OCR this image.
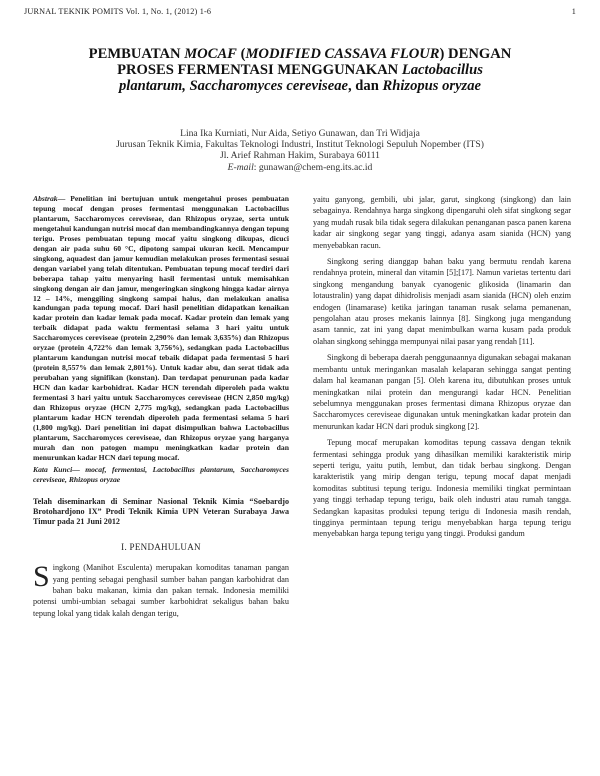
JURNAL TEKNIK POMITS Vol. 1, No. 1, (2012) 1-6	1
PEMBUATAN MOCAF (MODIFIED CASSAVA FLOUR) DENGAN
PROSES FERMENTASI MENGGUNAKAN Lactobacillus
plantarum, Saccharomyces cereviseae, dan Rhizopus oryzae
Lina Ika Kurniati, Nur Aida, Setiyo Gunawan, dan Tri Widjaja
Jurusan Teknik Kimia, Fakultas Teknologi Industri, Institut Teknologi Sepuluh Nopember (ITS)
Jl. Arief Rahman Hakim, Surabaya 60111
E-mail: gunawan@chem-eng.its.ac.id
Abstrak— Penelitian ini bertujuan untuk mengetahui proses pembuatan tepung mocaf dengan proses fermentasi menggunakan Lactobacillus plantarum, Saccharomyces cereviseae, dan Rhizopus oryzae, serta untuk mengetahui kandungan nutrisi mocaf dan membandingkannya dengan tepung terigu. Proses pembuatan tepung mocaf yaitu singkong dikupas, dicuci dengan air pada suhu 60 °C, dipotong sampai ukuran kecil. Mencampur singkong, aquadest dan jamur kemudian melakukan proses fermentasi sesuai dengan variabel yang telah ditentukan. Pembuatan tepung mocaf terdiri dari beberapa tahap yaitu menyaring hasil fermentasi untuk memisahkan singkong dengan air dan jamur, mengeringkan singkong hingga kadar airnya 12 – 14%, menggiling singkong sampai halus, dan melakukan analisa kandungan pada tepung mocaf. Dari hasil penelitian didapatkan kenaikan kadar protein dan kadar lemak pada mocaf. Kadar protein dan lemak yang terbaik didapat pada waktu fermentasi selama 3 hari yaitu untuk Saccharomyces cereviseae (protein 2,290% dan lemak 3,635%) dan Rhizopus oryzae (protein 4,722% dan lemak 3,756%), sedangkan pada Lactobacillus plantarum kandungan nutrisi mocaf tebaik didapat pada fermentasi 5 hari (protein 8,557% dan lemak 2,801%). Untuk kadar abu, dan serat tidak ada perubahan yang signifikan (konstan). Dan terdapat penurunan pada kadar HCN dan kadar karbohidrat. Kadar HCN terendah diperoleh pada waktu fermentasi 3 hari yaitu untuk Saccharomyces cereviseae (HCN 2,850 mg/kg) dan Rhizopus oryzae (HCN 2,775 mg/kg), sedangkan pada Lactobacillus plantarum kadar HCN terendah diperoleh pada fermentasi selama 5 hari (1,800 mg/kg). Dari penelitian ini dapat disimpulkan bahwa Lactobacillus plantarum, Saccharomyces cereviseae, dan Rhizopus oryzae yang harganya murah dan non patogen mampu meningkatkan kadar protein dan menurunkan kadar HCN dari tepung mocaf.
Kata Kunci— mocaf, fermentasi, Lactobacillus plantarum, Saccharomyces cereviseae, Rhizopus oryzae
Telah diseminarkan di Seminar Nasional Teknik Kimia “Soebardjo Brotohardjono IX” Prodi Teknik Kimia UPN Veteran Surabaya Jawa Timur pada 21 Juni 2012
I. PENDAHULUAN
Singkong (Manihot Esculenta) merupakan komoditas tanaman pangan yang penting sebagai penghasil sumber bahan pangan karbohidrat dan bahan baku makanan, kimia dan pakan ternak. Indonesia memiliki potensi umbi-umbian sebagai sumber karbohidrat sekaligus bahan baku tepung lokal yang tidak kalah dengan terigu,

yaitu ganyong, gembili, ubi jalar, garut, singkong (singkong) dan lain sebagainya. Rendahnya harga singkong dipengaruhi oleh sifat singkong segar yang mudah rusak bila tidak segera dilakukan penanganan pasca panen karena kadar air singkong segar yang tinggi, adanya asam sianida (HCN) yang menyebabkan racun.

Singkong sering dianggap bahan baku yang bermutu rendah karena rendahnya protein, mineral dan vitamin [5];[17]. Namun varietas tertentu dari singkong mengandung banyak cyanogenic glikosida (linamarin dan lotaustralin) yang dapat dihidrolisis menjadi asam sianida (HCN) oleh enzim endogen (linamarase) ketika jaringan tanaman rusak selama pemanenan, pengolahan atau proses mekanis lainnya [8]. Singkong juga mengandung asam tannic, zat ini yang dapat menimbulkan warna kusam pada produk olahan singkong sehingga mempunyai nilai pasar yang rendah [11].

Singkong di beberapa daerah penggunaannya digunakan sebagai makanan membantu untuk meringankan masalah kelaparan sehingga sangat penting dalam hal keamanan pangan [5]. Oleh karena itu, dibutuhkan proses untuk meningkatkan nilai protein dan mengurangi kadar HCN. Penelitian sebelumnya menggunakan proses fermentasi dimana Rhizopus oryzae dan Saccharomyces cereviseae digunakan untuk meningkatkan kadar protein dan menurunkan kadar HCN dari produk singkong [2].

Tepung mocaf merupakan komoditas tepung cassava dengan teknik fermentasi sehingga produk yang dihasilkan memiliki karakteristik mirip seperti terigu, yaitu putih, lembut, dan tidak berbau singkong. Dengan karakteristik yang mirip dengan terigu, tepung mocaf dapat menjadi komoditas subtitusi tepung terigu. Indonesia memiliki tingkat permintaan yang tinggi terhadap tepung terigu, baik oleh industri atau rumah tangga. Sedangkan kapasitas produksi tepung terigu di Indonesia masih rendah, tingginya permintaan tepung terigu menyebabkan harga tepung terigu menyebabkan harga tepung terigu yang tinggi. Produksi gandum
